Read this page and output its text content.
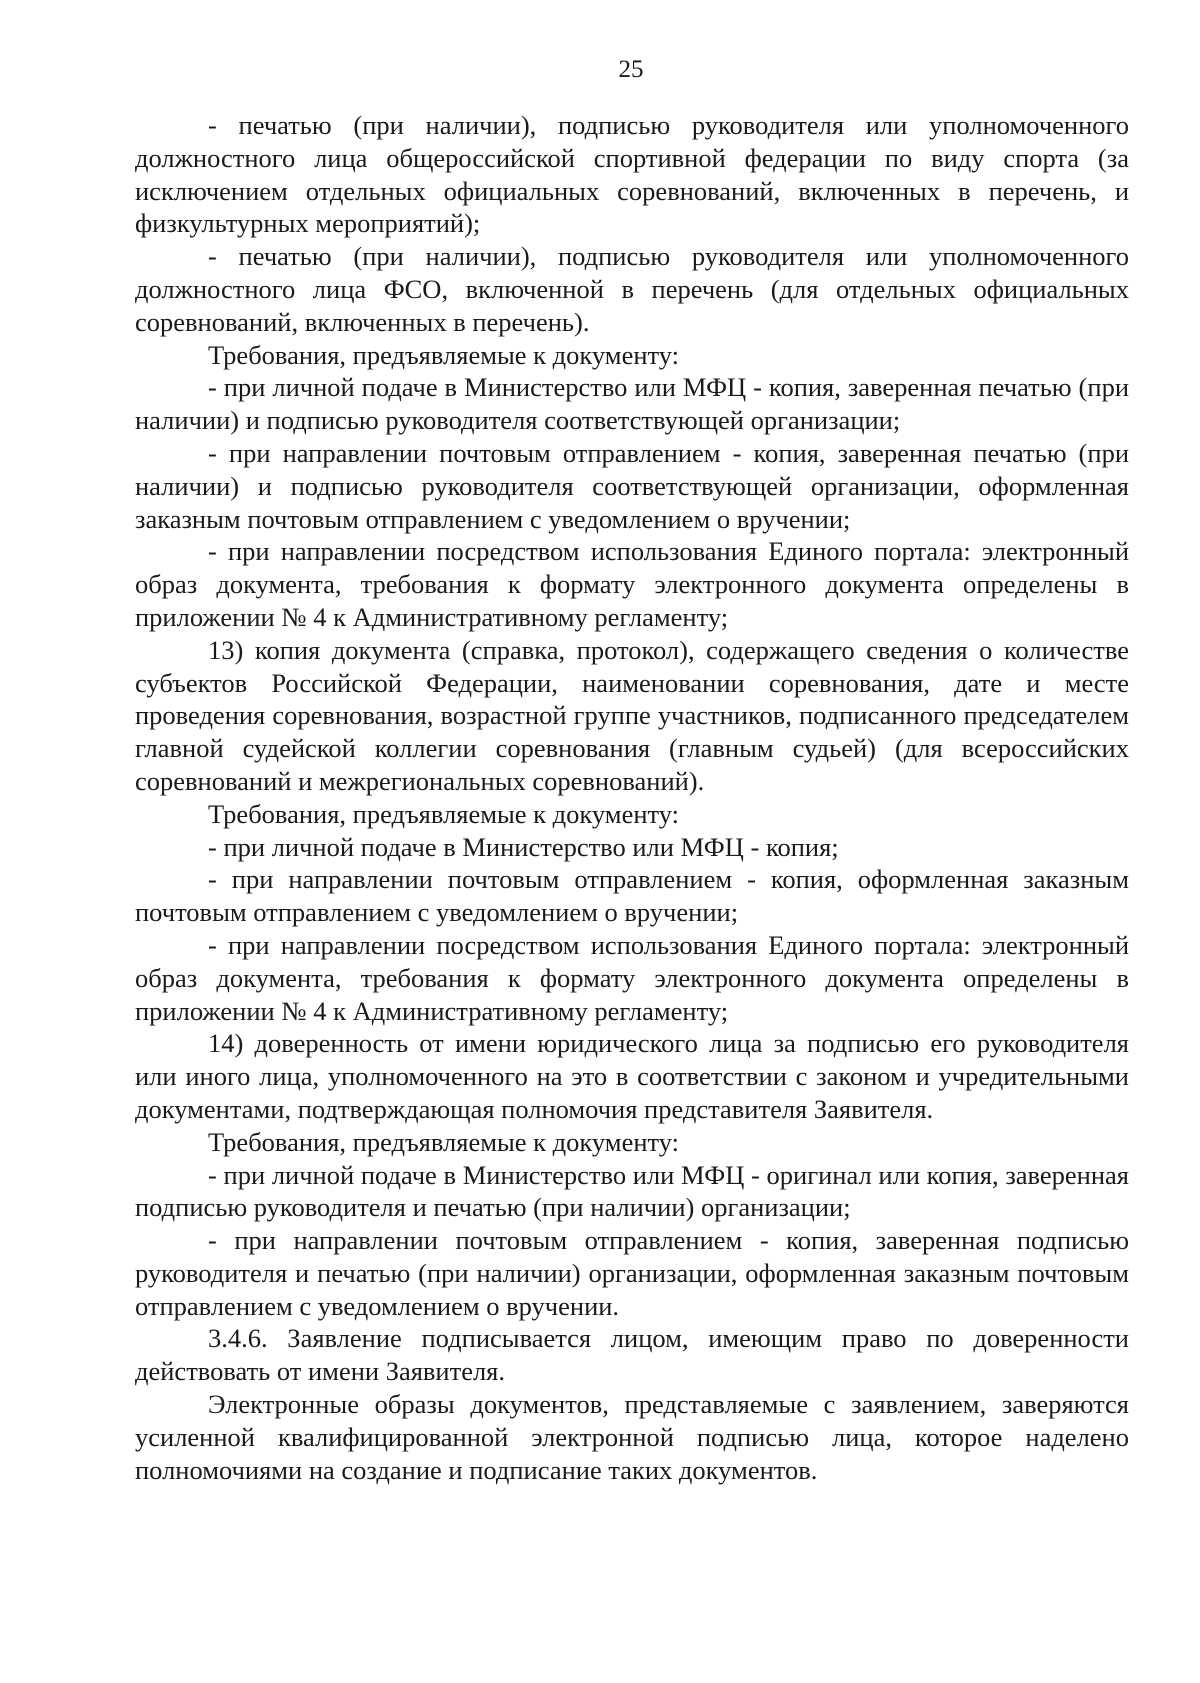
25

- печатью (при наличии), подписью руководителя или уполномоченного должностного лица общероссийской спортивной федерации по виду спорта (за исключением отдельных официальных соревнований, включенных в перечень, и физкультурных мероприятий);

- печатью (при наличии), подписью руководителя или уполномоченного должностного лица ФСО, включенной в перечень (для отдельных официальных соревнований, включенных в перечень).

Требования, предъявляемые к документу:

- при личной подаче в Министерство или МФЦ - копия, заверенная печатью (при наличии) и подписью руководителя соответствующей организации;

- при направлении почтовым отправлением - копия, заверенная печатью (при наличии) и подписью руководителя соответствующей организации, оформленная заказным почтовым отправлением с уведомлением о вручении;

- при направлении посредством использования Единого портала: электронный образ документа, требования к формату электронного документа определены в приложении № 4 к Административному регламенту;

13) копия документа (справка, протокол), содержащего сведения о количестве субъектов Российской Федерации, наименовании соревнования, дате и месте проведения соревнования, возрастной группе участников, подписанного председателем главной судейской коллегии соревнования (главным судьей) (для всероссийских соревнований и межрегиональных соревнований).

Требования, предъявляемые к документу:

- при личной подаче в Министерство или МФЦ - копия;

- при направлении почтовым отправлением - копия, оформленная заказным почтовым отправлением с уведомлением о вручении;

- при направлении посредством использования Единого портала: электронный образ документа, требования к формату электронного документа определены в приложении № 4 к Административному регламенту;

14) доверенность от имени юридического лица за подписью его руководителя или иного лица, уполномоченного на это в соответствии с законом и учредительными документами, подтверждающая полномочия представителя Заявителя.

Требования, предъявляемые к документу:

- при личной подаче в Министерство или МФЦ - оригинал или копия, заверенная подписью руководителя и печатью (при наличии) организации;

- при направлении почтовым отправлением - копия, заверенная подписью руководителя и печатью (при наличии) организации, оформленная заказным почтовым отправлением с уведомлением о вручении.

3.4.6. Заявление подписывается лицом, имеющим право по доверенности действовать от имени Заявителя.

Электронные образы документов, представляемые с заявлением, заверяются усиленной квалифицированной электронной подписью лица, которое наделено полномочиями на создание и подписание таких документов.
